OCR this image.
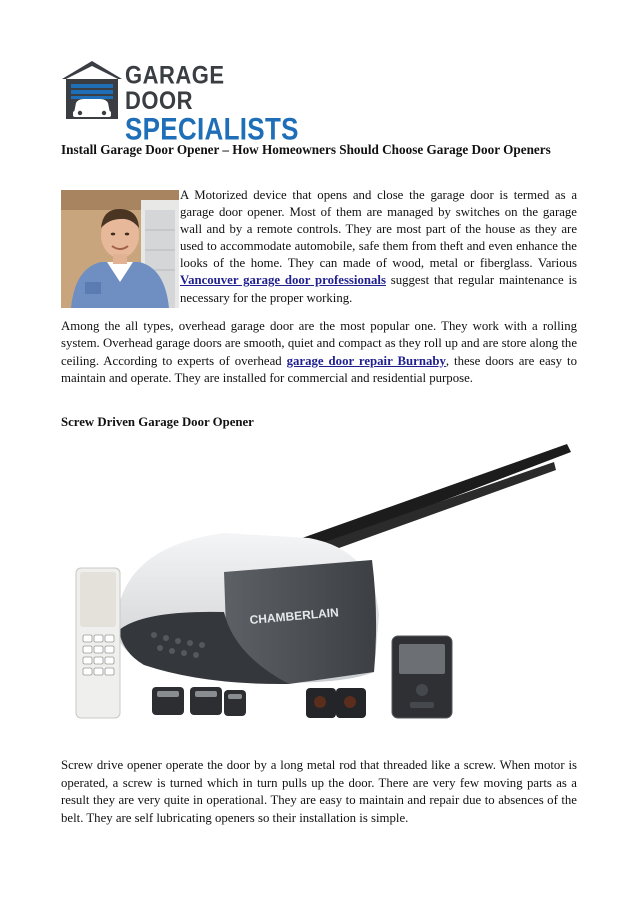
GARAGE DOOR
SPECIALISTS
Install Garage Door Opener – How Homeowners Should Choose Garage Door Openers

A Motorized device that opens and close the garage door is termed as a garage door opener. Most of them are managed by switches on the garage wall and by a remote controls. They are most part of the house as they are used to accommodate automobile, safe them from theft and even enhance the looks of the home. They can made of wood, metal or fiberglass. Various Vancouver garage door professionals suggest that regular maintenance is necessary for the proper working.

Among the all types, overhead garage door are the most popular one. They work with a rolling system. Overhead garage doors are smooth, quiet and compact as they roll up and are store along the ceiling. According to experts of overhead garage door repair Burnaby, these doors are easy to maintain and operate. They are installed for commercial and residential purpose.

Screw Driven Garage Door Opener
CHAMBERLAIN

Screw drive opener operate the door by a long metal rod that threaded like a screw. When motor is operated, a screw is turned which in turn pulls up the door. There are very few moving parts as a result they are very quite in operational. They are easy to maintain and repair due to absences of the belt. They are self lubricating openers so their installation is simple.
